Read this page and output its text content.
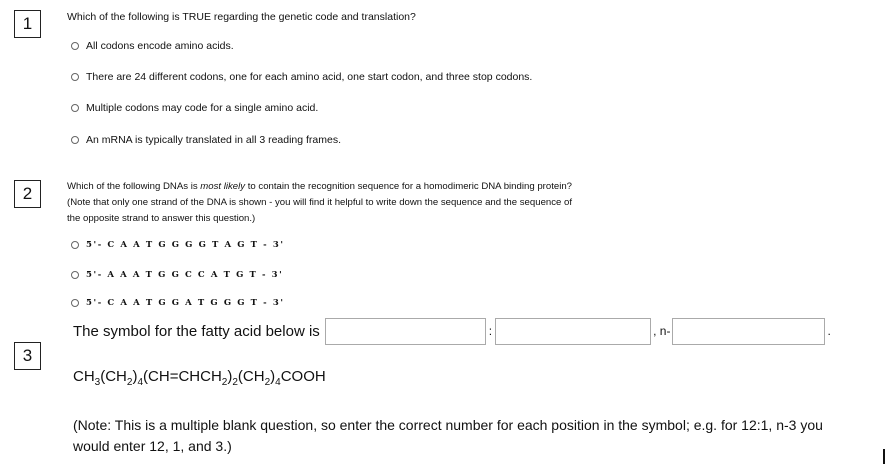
1	Which of the following is TRUE regarding the genetic code and translation?
All codons encode amino acids.
There are 24 different codons, one for each amino acid, one start codon, and three stop codons.
Multiple codons may code for a single amino acid.
An mRNA is typically translated in all 3 reading frames.
2	Which of the following DNAs is most likely to contain the recognition sequence for a homodimeric DNA binding protein?
(Note that only one strand of the DNA is shown - you will find it helpful to write down the sequence and the sequence of
the opposite strand to answer this question.)
5'- C A A T G G G G T A G T - 3'
5'- A A A T G G C C A T G T - 3'
5'- C A A T G G A T G G G T - 3'
3
The symbol for the fatty acid below is	:	, n-	.
$CH_3(CH_2)_4(CH=CHCH_2)_2(CH_2)_4COOH$
(Note: This is a multiple blank question, so enter the correct number for each position in the symbol; e.g. for 12:1, n-3 you
would enter 12, 1, and 3.)
